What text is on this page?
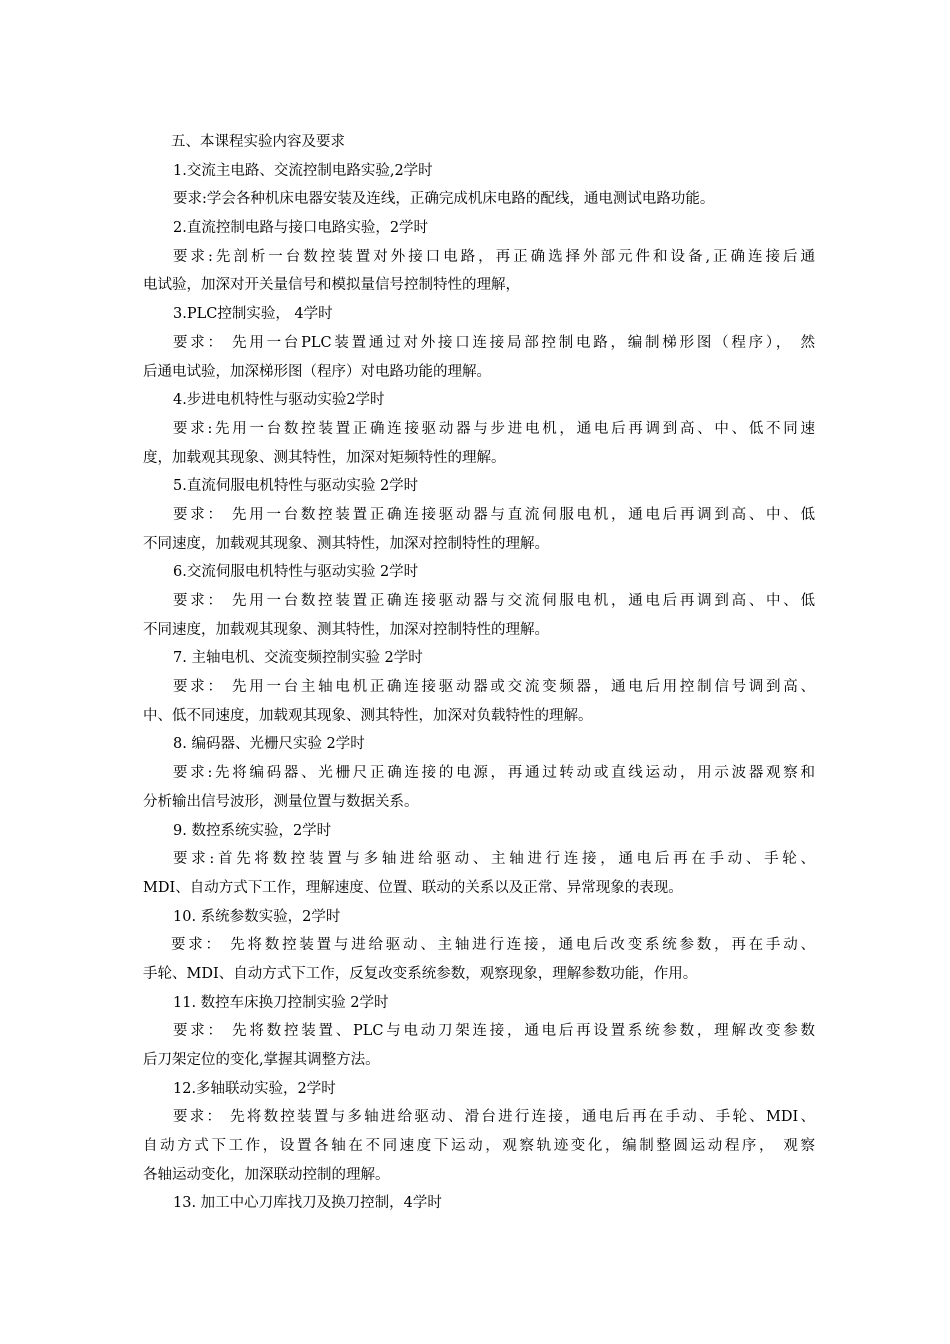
五、本课程实验内容及要求
1.交流主电路、交流控制电路实验,2学时
要求:学会各种机床电器安装及连线，正确完成机床电路的配线，通电测试电路功能。
2.直流控制电路与接口电路实验，2学时
要求:先剖析一台数控装置对外接口电路，再正确选择外部元件和设备,正确连接后通
电试验，加深对开关量信号和模拟量信号控制特性的理解，
3.PLC控制实验， 4学时
要求： 先用一台PLC装置通过对外接口连接局部控制电路，编制梯形图（程序）， 然
后通电试验，加深梯形图（程序）对电路功能的理解。
4.步进电机特性与驱动实验2学时
要求:先用一台数控装置正确连接驱动器与步进电机，通电后再调到高、中、低不同速
度，加载观其现象、测其特性，加深对矩频特性的理解。
5.直流伺服电机特性与驱动实验 2学时
要求： 先用一台数控装置正确连接驱动器与直流伺服电机，通电后再调到高、中、低
不同速度，加载观其现象、测其特性，加深对控制特性的理解。
6.交流伺服电机特性与驱动实验 2学时
要求： 先用一台数控装置正确连接驱动器与交流伺服电机，通电后再调到高、中、低
不同速度，加载观其现象、测其特性，加深对控制特性的理解。
7. 主轴电机、交流变频控制实验 2学时
要求： 先用一台主轴电机正确连接驱动器或交流变频器，通电后用控制信号调到高、
中、低不同速度，加载观其现象、测其特性，加深对负载特性的理解。
8. 编码器、光栅尺实验 2学时
要求:先将编码器、光栅尺正确连接的电源，再通过转动或直线运动，用示波器观察和
分析输出信号波形，测量位置与数据关系。
9. 数控系统实验，2学时
要求:首先将数控装置与多轴进给驱动、主轴进行连接，通电后再在手动、手轮、
MDI、自动方式下工作，理解速度、位置、联动的关系以及正常、异常现象的表现。
10. 系统参数实验，2学时
要求： 先将数控装置与进给驱动、主轴进行连接，通电后改变系统参数，再在手动、
手轮、MDI、自动方式下工作，反复改变系统参数，观察现象，理解参数功能，作用。
11. 数控车床换刀控制实验 2学时
要求： 先将数控装置、PLC与电动刀架连接，通电后再设置系统参数，理解改变参数
后刀架定位的变化,掌握其调整方法。
12.多轴联动实验，2学时
要求： 先将数控装置与多轴进给驱动、滑台进行连接，通电后再在手动、手轮、MDI、
自动方式下工作，设置各轴在不同速度下运动，观察轨迹变化，编制整圆运动程序， 观察
各轴运动变化，加深联动控制的理解。
13. 加工中心刀库找刀及换刀控制，4学时
